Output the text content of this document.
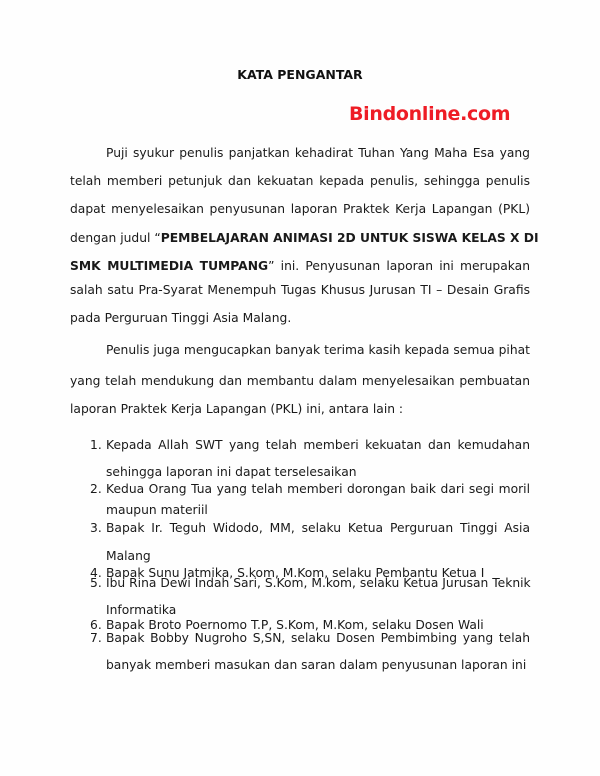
KATA PENGANTAR
Bindonline.com
Puji syukur penulis panjatkan kehadirat Tuhan Yang Maha Esa yang
telah memberi petunjuk dan kekuatan kepada penulis, sehingga penulis
dapat menyelesaikan penyusunan laporan Praktek Kerja Lapangan (PKL)
dengan judul “PEMBELAJARAN ANIMASI 2D UNTUK SISWA KELAS X DI
SMK MULTIMEDIA TUMPANG” ini. Penyusunan laporan ini merupakan
salah satu Pra-Syarat Menempuh Tugas Khusus Jurusan TI – Desain Grafis
pada Perguruan Tinggi Asia Malang.
Penulis juga mengucapkan banyak terima kasih kepada semua pihat
yang telah mendukung dan membantu dalam menyelesaikan pembuatan
laporan Praktek Kerja Lapangan (PKL) ini, antara lain :
1. Kepada Allah SWT yang telah memberi kekuatan dan kemudahan
sehingga laporan ini dapat terselesaikan
2. Kedua Orang Tua yang telah memberi dorongan baik dari segi moril
maupun materiil
3. Bapak Ir. Teguh Widodo, MM, selaku Ketua Perguruan Tinggi Asia
Malang
4. Bapak Sunu Jatmika, S.kom, M.Kom, selaku Pembantu Ketua I
5. Ibu Rina Dewi Indah Sari, S.Kom, M.kom, selaku Ketua Jurusan Teknik
Informatika
6. Bapak Broto Poernomo T.P, S.Kom, M.Kom, selaku Dosen Wali
7. Bapak Bobby Nugroho S,SN, selaku Dosen Pembimbing yang telah
banyak memberi masukan dan saran dalam penyusunan laporan ini
